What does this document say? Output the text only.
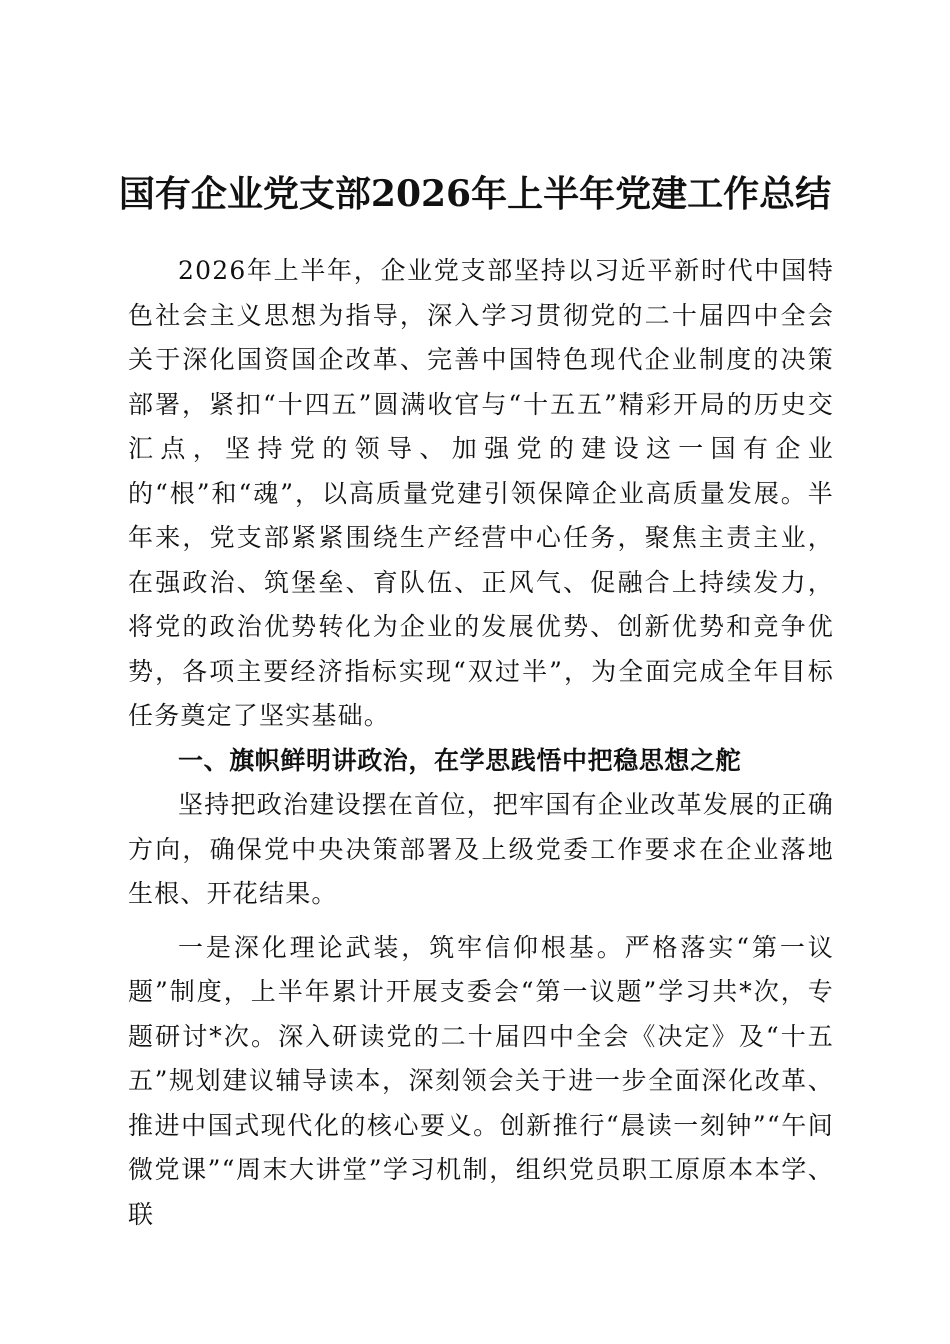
国有企业党支部2026年上半年党建工作总结

2026年上半年，企业党支部坚持以习近平新时代中国特色社会主义思想为指导，深入学习贯彻党的二十届四中全会关于深化国资国企改革、完善中国特色现代企业制度的决策部署，紧扣“十四五”圆满收官与“十五五”精彩开局的历史交汇点，坚持党的领导、加强党的建设这一国有企业的“根”和“魂”，以高质量党建引领保障企业高质量发展。半年来，党支部紧紧围绕生产经营中心任务，聚焦主责主业，在强政治、筑堡垒、育队伍、正风气、促融合上持续发力，将党的政治优势转化为企业的发展优势、创新优势和竞争优势，各项主要经济指标实现“双过半”，为全面完成全年目标任务奠定了坚实基础。

一、旗帜鲜明讲政治，在学思践悟中把稳思想之舵

坚持把政治建设摆在首位，把牢国有企业改革发展的正确方向，确保党中央决策部署及上级党委工作要求在企业落地生根、开花结果。

一是深化理论武装，筑牢信仰根基。严格落实“第一议题”制度，上半年累计开展支委会“第一议题”学习共*次，专题研讨*次。深入研读党的二十届四中全会《决定》及“十五五”规划建议辅导读本，深刻领会关于进一步全面深化改革、推进中国式现代化的核心要义。创新推行“晨读一刻钟”“午间微党课”“周末大讲堂”学习机制，组织党员职工原原本本学、联
